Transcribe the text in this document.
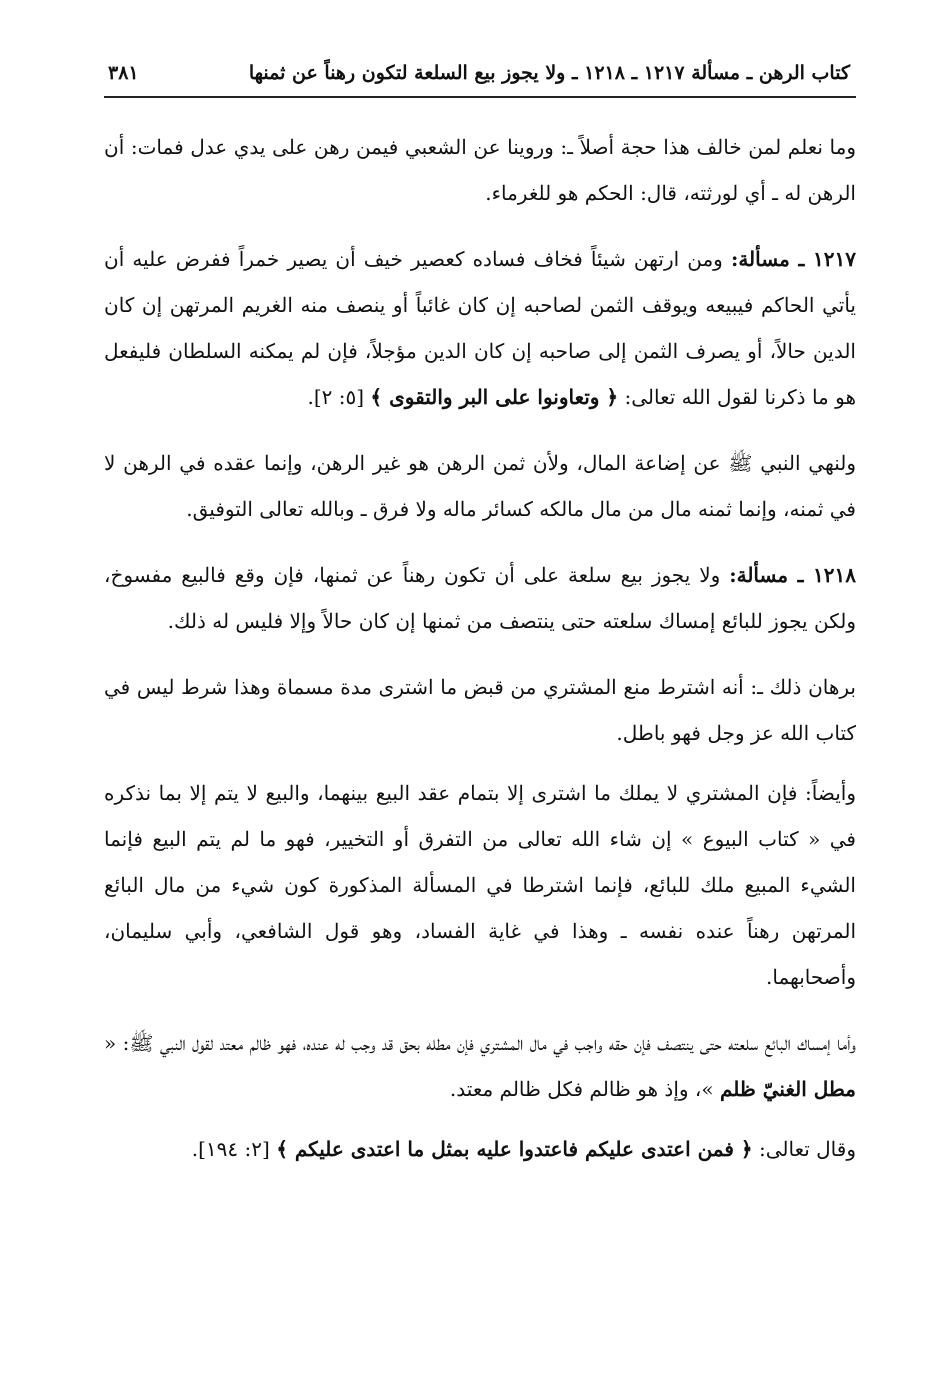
كتاب الرهن ـ مسألة ١٢١٧ ـ ١٢١٨ ـ ولا يجوز بيع السلعة لتكون رهناً عن ثمنها
٣٨١

وما نعلم لمن خالف هذا حجة أصلاً ـ: وروينا عن الشعبي فيمن رهن على يدي عدل فمات: أن الرهن له ـ أي لورثته، قال: الحكم هو للغرماء.

١٢١٧ ـ مسألة: ومن ارتهن شيئاً فخاف فساده كعصير خيف أن يصير خمراً ففرض عليه أن يأتي الحاكم فيبيعه ويوقف الثمن لصاحبه إن كان غائباً أو ينصف منه الغريم المرتهن إن كان الدين حالاً، أو يصرف الثمن إلى صاحبه إن كان الدين مؤجلاً، فإن لم يمكنه السلطان فليفعل هو ما ذكرنا لقول الله تعالى: ﴿ وتعاونوا على البر والتقوى ﴾ [٥: ٢].

ولنهي النبي ﷺ عن إضاعة المال، ولأن ثمن الرهن هو غير الرهن، وإنما عقده في الرهن لا في ثمنه، وإنما ثمنه مال من مال مالكه كسائر ماله ولا فرق ـ وبالله تعالى التوفيق.

١٢١٨ ـ مسألة: ولا يجوز بيع سلعة على أن تكون رهناً عن ثمنها، فإن وقع فالبيع مفسوخ، ولكن يجوز للبائع إمساك سلعته حتى ينتصف من ثمنها إن كان حالاً وإلا فليس له ذلك.

برهان ذلك ـ: أنه اشترط منع المشتري من قبض ما اشترى مدة مسماة وهذا شرط ليس في كتاب الله عز وجل فهو باطل.

وأيضاً: فإن المشتري لا يملك ما اشترى إلا بتمام عقد البيع بينهما، والبيع لا يتم إلا بما نذكره في « كتاب البيوع » إن شاء الله تعالى من التفرق أو التخيير، فهو ما لم يتم البيع فإنما الشيء المبيع ملك للبائع، فإنما اشترطا في المسألة المذكورة كون شيء من مال البائع المرتهن رهناً عنده نفسه ـ وهذا في غاية الفساد، وهو قول الشافعي، وأبي سليمان، وأصحابهما.

وأما إمساك البائع سلعته حتى ينتصف فإن حقه واجب في مال المشتري فإن مطله بحق قد وجب له عنده، فهو ظالم معتد لقول النبي ﷺ: « مطل الغنيّ ظلم »، وإذ هو ظالم فكل ظالم معتد.

وقال تعالى: ﴿ فمن اعتدى عليكم فاعتدوا عليه بمثل ما اعتدى عليكم ﴾ [٢: ١٩٤].
